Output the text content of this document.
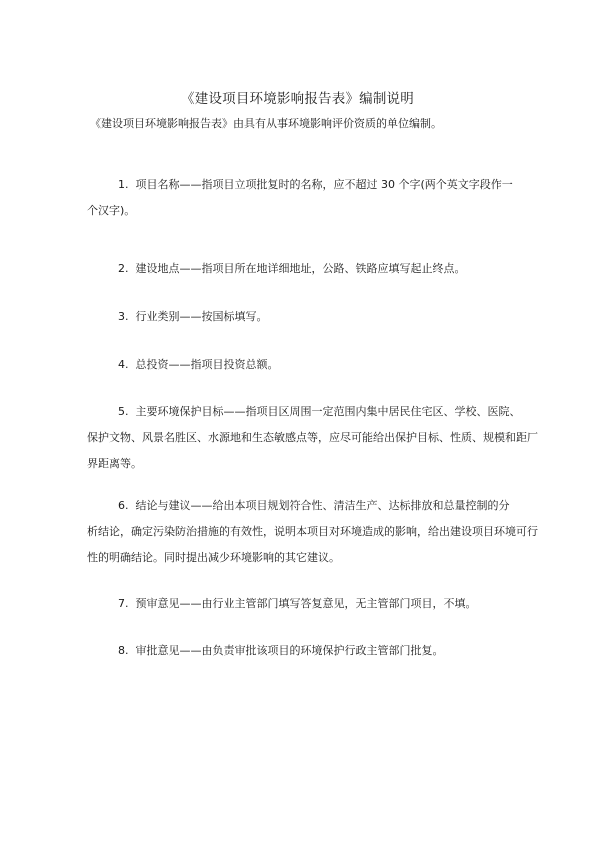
《建设项目环境影响报告表》编制说明
《建设项目环境影响报告表》由具有从事环境影响评价资质的单位编制。
1. 项目名称——指项目立项批复时的名称，应不超过 30 个字(两个英文字段作一
个汉字)。
2. 建设地点——指项目所在地详细地址，公路、铁路应填写起止终点。
3. 行业类别——按国标填写。
4. 总投资——指项目投资总额。
5. 主要环境保护目标——指项目区周围一定范围内集中居民住宅区、学校、医院、
保护文物、风景名胜区、水源地和生态敏感点等，应尽可能给出保护目标、性质、规模和距厂界距离等。
6. 结论与建议——给出本项目规划符合性、清洁生产、达标排放和总量控制的分
析结论，确定污染防治措施的有效性，说明本项目对环境造成的影响，给出建设项目环境可行性的明确结论。同时提出减少环境影响的其它建议。
7. 预审意见——由行业主管部门填写答复意见，无主管部门项目，不填。
8. 审批意见——由负责审批该项目的环境保护行政主管部门批复。
